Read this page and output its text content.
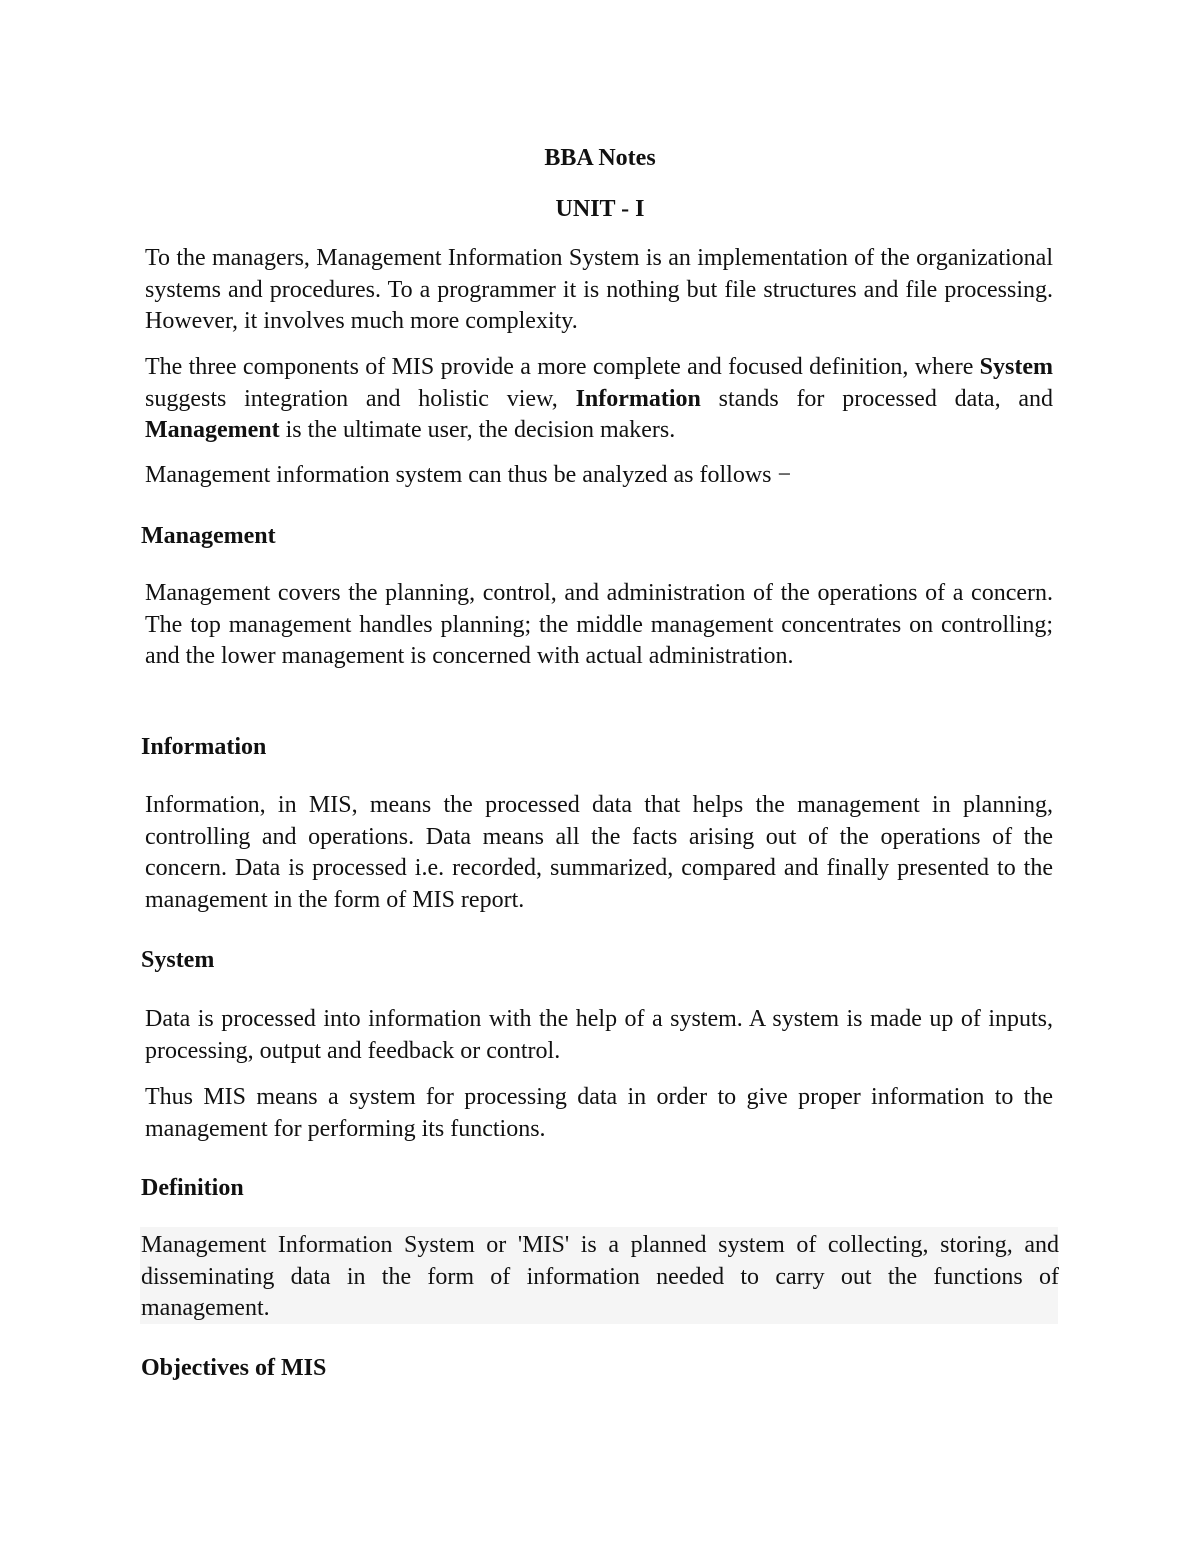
BBA Notes
UNIT - I

To the managers, Management Information System is an implementation of the organizational systems and procedures. To a programmer it is nothing but file structures and file processing. However, it involves much more complexity.

The three components of MIS provide a more complete and focused definition, where System suggests integration and holistic view, Information stands for processed data, and Management is the ultimate user, the decision makers.

Management information system can thus be analyzed as follows −

Management

Management covers the planning, control, and administration of the operations of a concern. The top management handles planning; the middle management concentrates on controlling; and the lower management is concerned with actual administration.

Information

Information, in MIS, means the processed data that helps the management in planning, controlling and operations. Data means all the facts arising out of the operations of the concern. Data is processed i.e. recorded, summarized, compared and finally presented to the management in the form of MIS report.

System

Data is processed into information with the help of a system. A system is made up of inputs, processing, output and feedback or control.

Thus MIS means a system for processing data in order to give proper information to the management for performing its functions.

Definition

Management Information System or 'MIS' is a planned system of collecting, storing, and disseminating data in the form of information needed to carry out the functions of management.

Objectives of MIS
